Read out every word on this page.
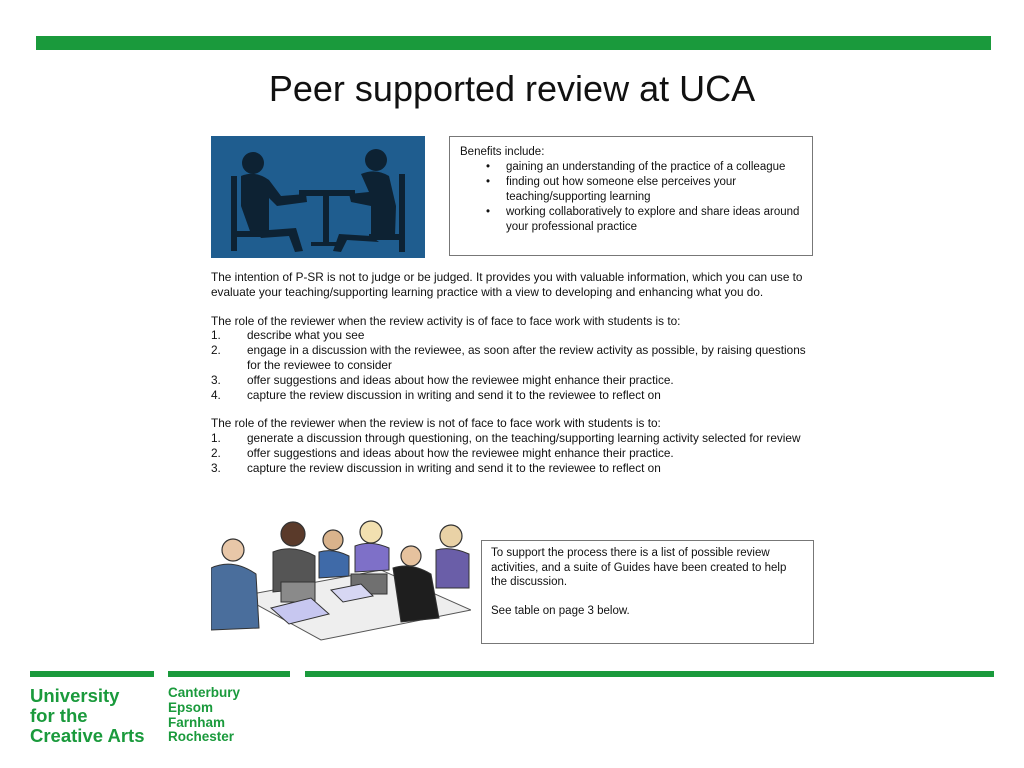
Peer supported review at UCA
Benefits include:
• gaining an understanding of the practice of a colleague
• finding out how someone else perceives your teaching/supporting learning
• working collaboratively to explore and share ideas around your professional practice

The intention of P-SR is not to judge or be judged. It provides you with valuable information, which you can use to evaluate your teaching/supporting learning practice with a view to developing and enhancing what you do.

The role of the reviewer when the review activity is of face to face work with students is to:
1.	describe what you see
2.	engage in a discussion with the reviewee, as soon after the review activity as possible, by raising questions for the reviewee to consider
3.	offer suggestions and ideas about how the reviewee might enhance their practice.
4.	capture the review discussion in writing and send it to the reviewee to reflect on
The role of the reviewer when the review is not of face to face work with students is to:
1.	generate a discussion through questioning, on the teaching/supporting learning activity selected for review
2.	offer suggestions and ideas about how the reviewee might enhance their practice.
3.	capture the review discussion in writing and send it to the reviewee to reflect on

To support the process there is a list of possible review activities, and a suite of Guides have been created to help the discussion.

See table on page 3 below.

University
for the
Creative Arts
Canterbury
Epsom
Farnham
Rochester
